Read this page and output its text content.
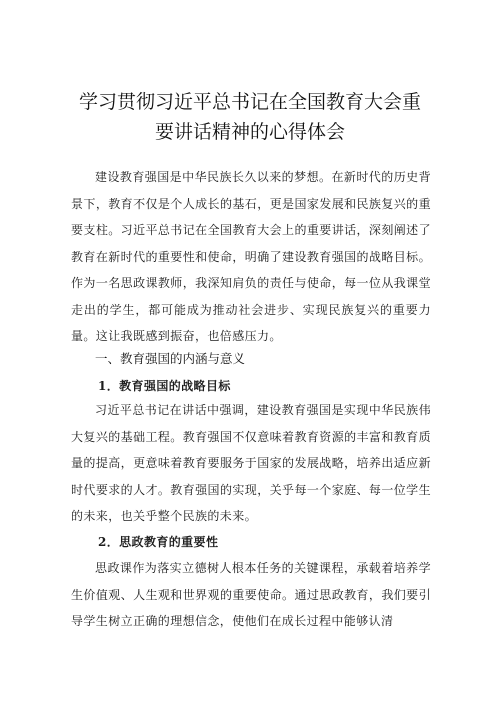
学习贯彻习近平总书记在全国教育大会重
要讲话精神的心得体会

建设教育强国是中华民族长久以来的梦想。在新时代的历史背景下，教育不仅是个人成长的基石，更是国家发展和民族复兴的重要支柱。习近平总书记在全国教育大会上的重要讲话，深刻阐述了教育在新时代的重要性和使命，明确了建设教育强国的战略目标。作为一名思政课教师，我深知肩负的责任与使命，每一位从我课堂走出的学生，都可能成为推动社会进步、实现民族复兴的重要力量。这让我既感到振奋，也倍感压力。

一、教育强国的内涵与意义
1．教育强国的战略目标

习近平总书记在讲话中强调，建设教育强国是实现中华民族伟大复兴的基础工程。教育强国不仅意味着教育资源的丰富和教育质量的提高，更意味着教育要服务于国家的发展战略，培养出适应新时代要求的人才。教育强国的实现，关乎每一个家庭、每一位学生的未来，也关乎整个民族的未来。

2．思政教育的重要性

思政课作为落实立德树人根本任务的关键课程，承载着培养学生价值观、人生观和世界观的重要使命。通过思政教育，我们要引导学生树立正确的理想信念，使他们在成长过程中能够认清
